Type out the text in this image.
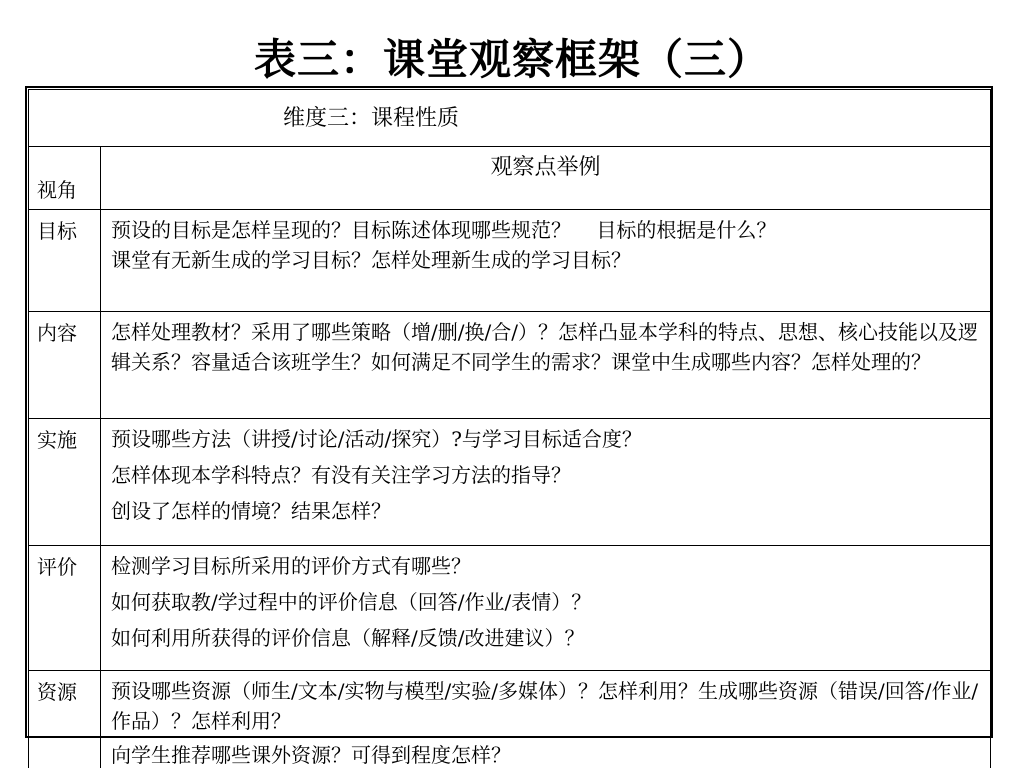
表三：课堂观察框架（三）
维度三：课程性质	
视角	观察点举例
目标	预设的目标是怎样呈现的？目标陈述体现哪些规范？    目标的根据是什么？
课堂有无新生成的学习目标？怎样处理新生成的学习目标？

内容	怎样处理教材？采用了哪些策略（增/删/换/合/）？怎样凸显本学科的特点、思想、核心技能以及逻辑关系？容量适合该班学生？如何满足不同学生的需求？课堂中生成哪些内容？怎样处理的？

实施	预设哪些方法（讲授/讨论/活动/探究）?与学习目标适合度？
怎样体现本学科特点？有没有关注学习方法的指导？
创设了怎样的情境？结果怎样？

评价	检测学习目标所采用的评价方式有哪些？
如何获取教/学过程中的评价信息（回答/作业/表情）？
如何利用所获得的评价信息（解释/反馈/改进建议）？

资源	预设哪些资源（师生/文本/实物与模型/实验/多媒体）？怎样利用？生成哪些资源（错误/回答/作业/作品）？怎样利用？
向学生推荐哪些课外资源？可得到程度怎样？
